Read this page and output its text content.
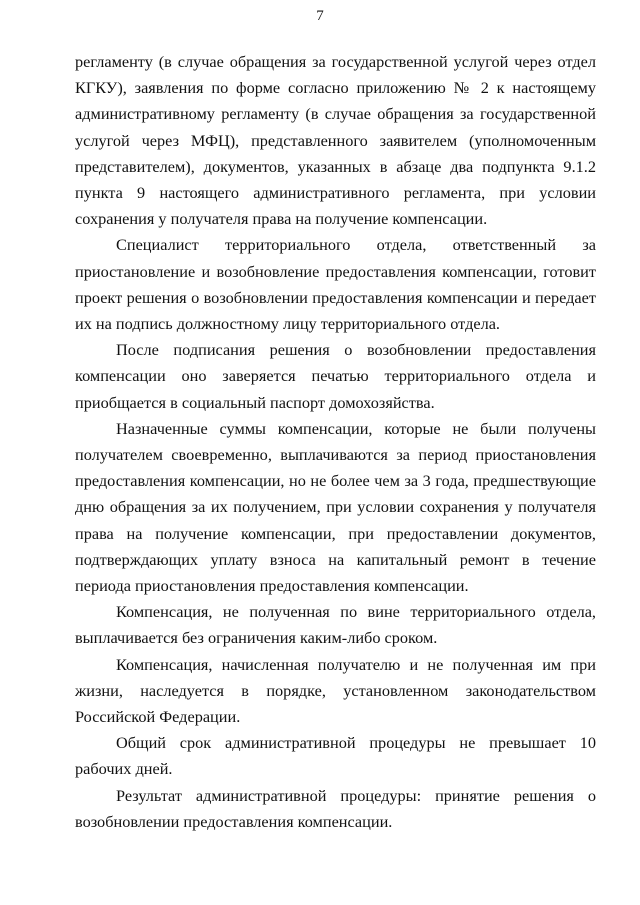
7

регламенту (в случае обращения за государственной услугой через отдел КГКУ), заявления по форме согласно приложению № 2 к настоящему административному регламенту (в случае обращения за государственной услугой через МФЦ), представленного заявителем (уполномоченным представителем), документов, указанных в абзаце два подпункта 9.1.2 пункта 9 настоящего административного регламента, при условии сохранения у получателя права на получение компенсации.

Специалист территориального отдела, ответственный за приостановление и возобновление предоставления компенсации, готовит проект решения о возобновлении предоставления компенсации и передает их на подпись должностному лицу территориального отдела.

После подписания решения о возобновлении предоставления компенсации оно заверяется печатью территориального отдела и приобщается в социальный паспорт домохозяйства.

Назначенные суммы компенсации, которые не были получены получателем своевременно, выплачиваются за период приостановления предоставления компенсации, но не более чем за 3 года, предшествующие дню обращения за их получением, при условии сохранения у получателя права на получение компенсации, при предоставлении документов, подтверждающих уплату взноса на капитальный ремонт в течение периода приостановления предоставления компенсации.

Компенсация, не полученная по вине территориального отдела, выплачивается без ограничения каким-либо сроком.

Компенсация, начисленная получателю и не полученная им при жизни, наследуется в порядке, установленном законодательством Российской Федерации.

Общий срок административной процедуры не превышает 10 рабочих дней.

Результат административной процедуры: принятие решения о возобновлении предоставления компенсации.
